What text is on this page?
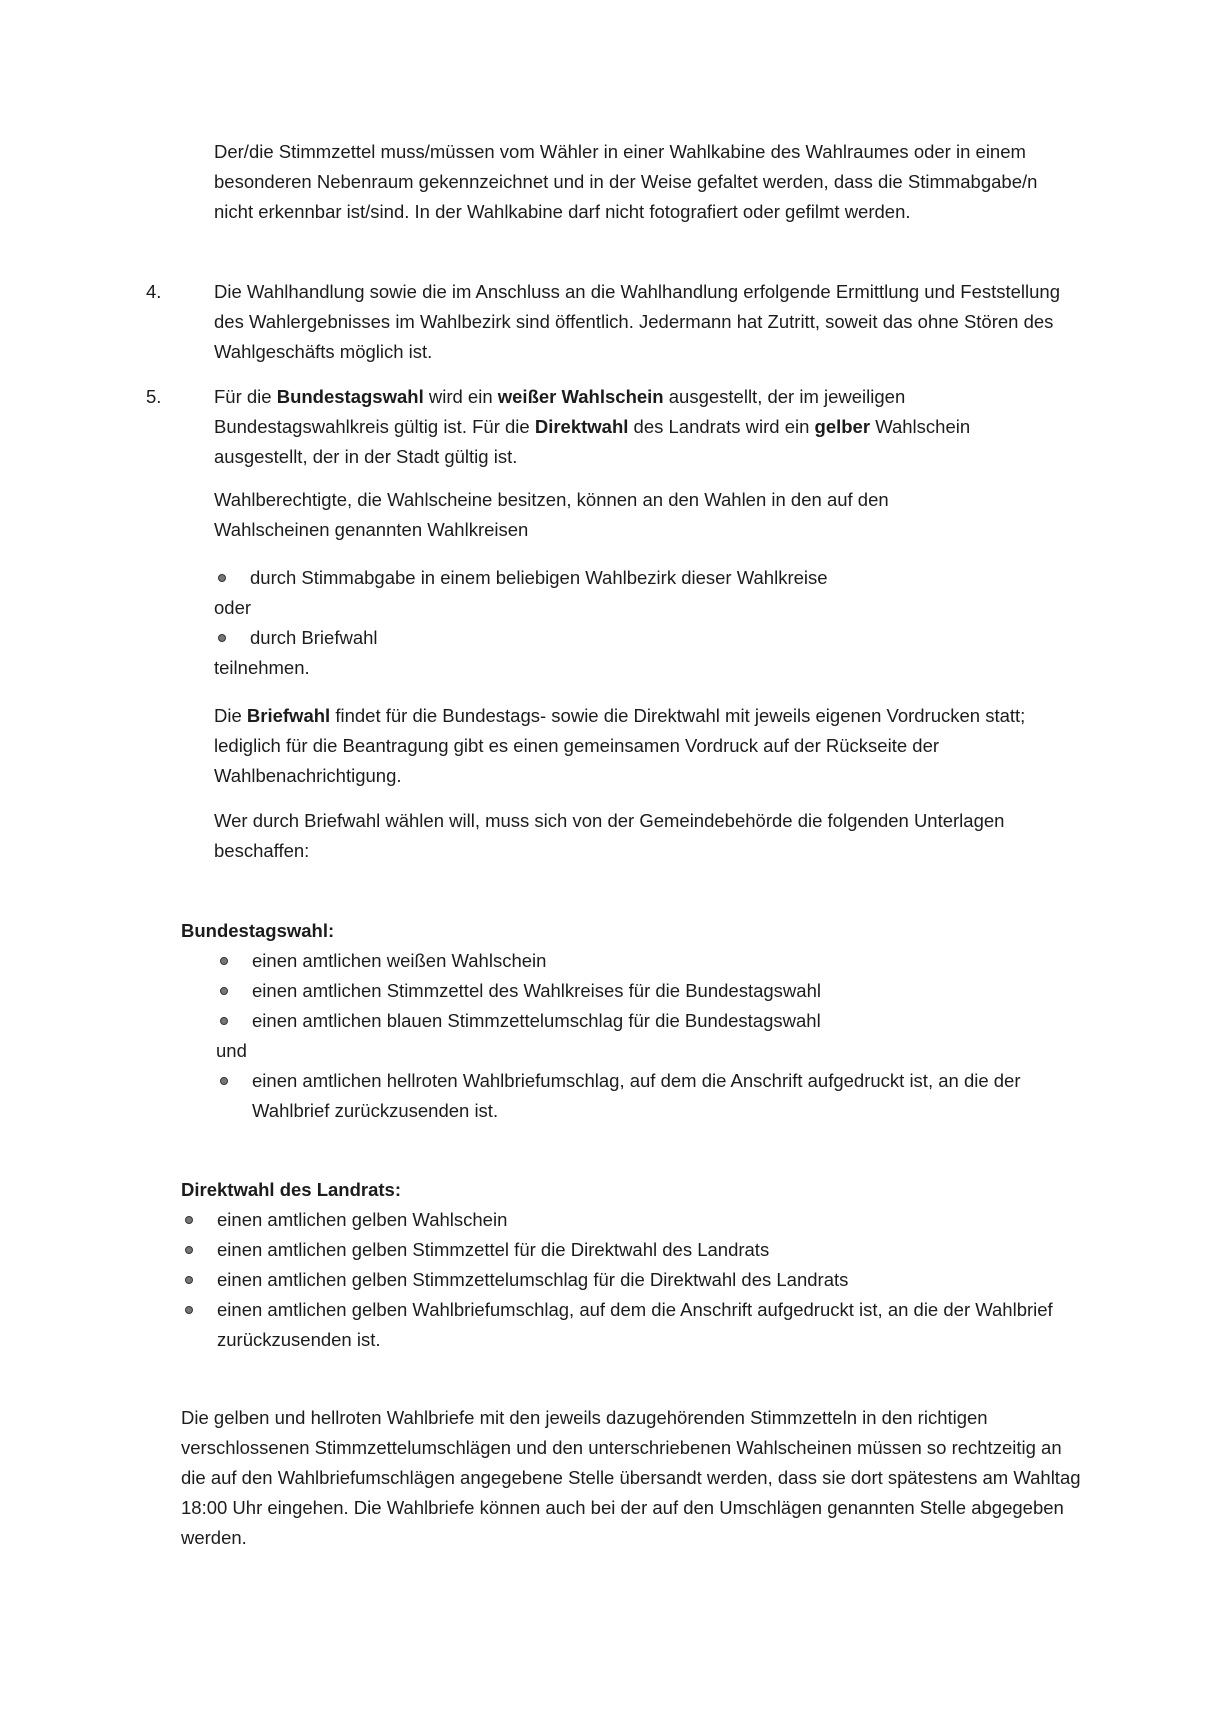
Der/die Stimmzettel muss/müssen vom Wähler in einer Wahlkabine des Wahlraumes oder in einem besonderen Nebenraum gekennzeichnet und in der Weise gefaltet werden, dass die Stimmabgabe/n nicht erkennbar ist/sind. In der Wahlkabine darf nicht fotografiert oder gefilmt werden.

4.	Die Wahlhandlung sowie die im Anschluss an die Wahlhandlung erfolgende Ermittlung und Feststellung des Wahlergebnisses im Wahlbezirk sind öffentlich. Jedermann hat Zutritt, soweit das ohne Stören des Wahlgeschäfts möglich ist.

5.	Für die Bundestagswahl wird ein weißer Wahlschein ausgestellt, der im jeweiligen Bundestagswahlkreis gültig ist. Für die Direktwahl des Landrats wird ein gelber Wahlschein ausgestellt, der in der Stadt gültig ist.

Wahlberechtigte, die Wahlscheine besitzen, können an den Wahlen in den auf den Wahlscheinen genannten Wahlkreisen

durch Stimmabgabe in einem beliebigen Wahlbezirk dieser Wahlkreise
oder
durch Briefwahl
teilnehmen.

Die Briefwahl findet für die Bundestags- sowie die Direktwahl mit jeweils eigenen Vordrucken statt; lediglich für die Beantragung gibt es einen gemeinsamen Vordruck auf der Rückseite der Wahlbenachrichtigung.

Wer durch Briefwahl wählen will, muss sich von der Gemeindebehörde die folgenden Unterlagen beschaffen:

Bundestagswahl:
einen amtlichen weißen Wahlschein
einen amtlichen Stimmzettel des Wahlkreises für die Bundestagswahl
einen amtlichen blauen Stimmzettelumschlag für die Bundestagswahl
und
einen amtlichen hellroten Wahlbriefumschlag, auf dem die Anschrift aufgedruckt ist, an die der Wahlbrief zurückzusenden ist.
Direktwahl des Landrats:
einen amtlichen gelben Wahlschein
einen amtlichen gelben Stimmzettel für die Direktwahl des Landrats
einen amtlichen gelben Stimmzettelumschlag für die Direktwahl des Landrats
einen amtlichen gelben Wahlbriefumschlag, auf dem die Anschrift aufgedruckt ist, an die der Wahlbrief zurückzusenden ist.

Die gelben und hellroten Wahlbriefe mit den jeweils dazugehörenden Stimmzetteln in den richtigen verschlossenen Stimmzettelumschlägen und den unterschriebenen Wahlscheinen müssen so rechtzeitig an die auf den Wahlbriefumschlägen angegebene Stelle übersandt werden, dass sie dort spätestens am Wahltag 18:00 Uhr eingehen. Die Wahlbriefe können auch bei der auf den Umschlägen genannten Stelle abgegeben werden.
